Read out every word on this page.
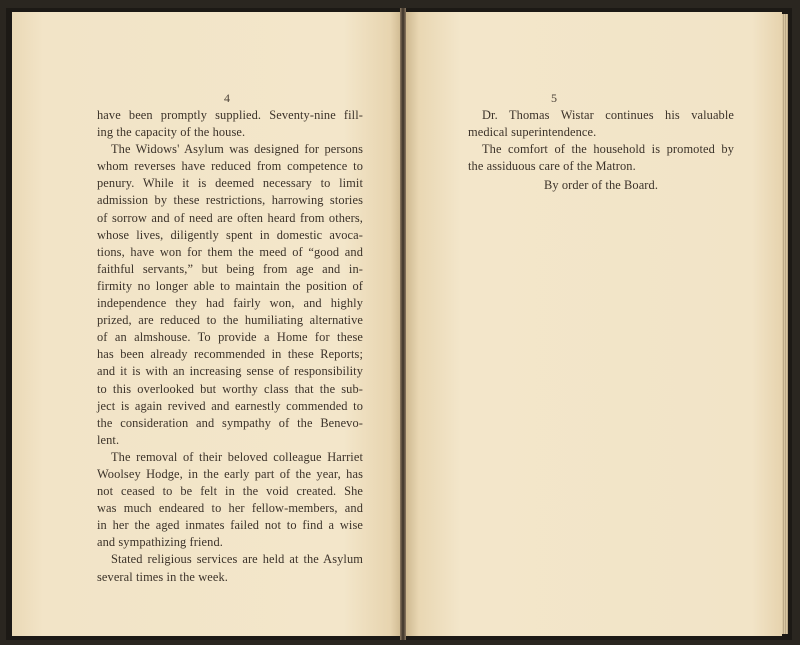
4
have been promptly supplied. Seventy-nine fill-
ing the capacity of the house.
The Widows' Asylum was designed for persons
whom reverses have reduced from competence to
penury. While it is deemed necessary to limit
admission by these restrictions, harrowing stories
of sorrow and of need are often heard from others,
whose lives, diligently spent in domestic avoca-
tions, have won for them the meed of “good and
faithful servants,” but being from age and in-
firmity no longer able to maintain the position of
independence they had fairly won, and highly
prized, are reduced to the humiliating alternative
of an almshouse. To provide a Home for these
has been already recommended in these Reports;
and it is with an increasing sense of responsibility
to this overlooked but worthy class that the sub-
ject is again revived and earnestly commended to
the consideration and sympathy of the Benevo-
lent.
The removal of their beloved colleague Harriet
Woolsey Hodge, in the early part of the year, has
not ceased to be felt in the void created. She
was much endeared to her fellow-members, and
in her the aged inmates failed not to find a wise
and sympathizing friend.
Stated religious services are held at the Asylum
several times in the week.
5
Dr. Thomas Wistar continues his valuable
medical superintendence.
The comfort of the household is promoted by
the assiduous care of the Matron.
By order of the Board.
